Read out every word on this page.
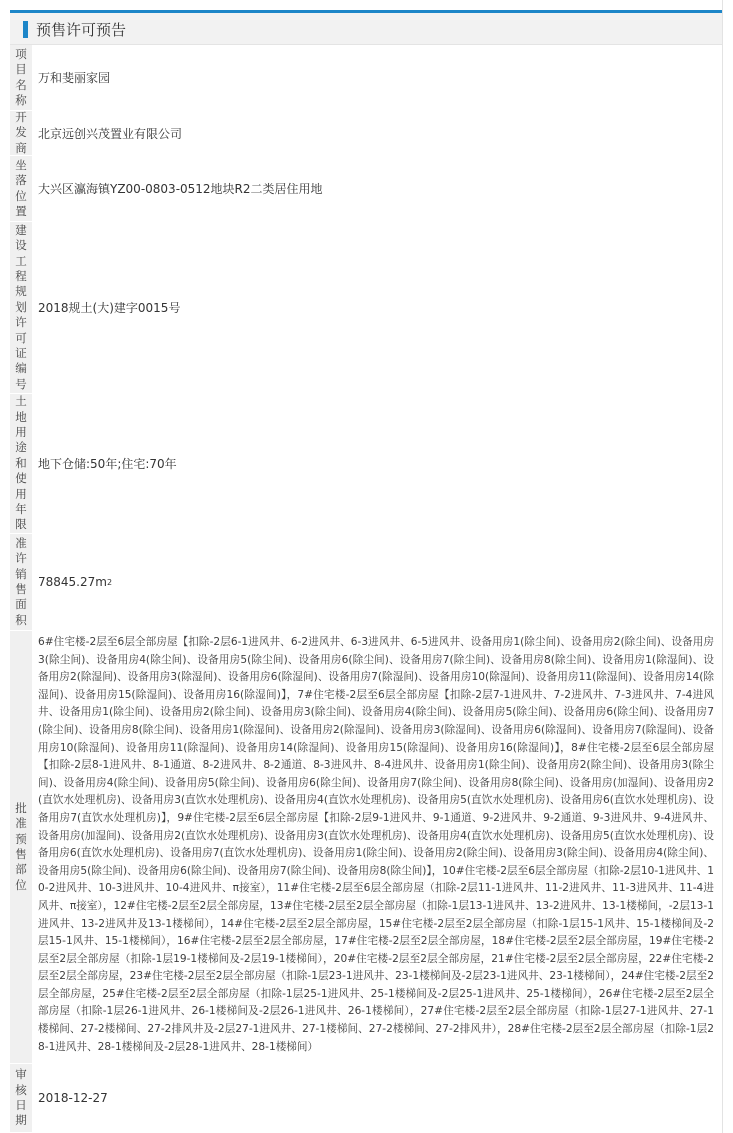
预售许可预告
项目名称
万和斐丽家园
开发商
北京远创兴茂置业有限公司
坐落位置
大兴区瀛海镇YZ00-0803-0512地块R2二类居住用地
建设工程规划许可证编号
2018规土(大)建字0015号
土地用途和使用年限
地下仓储:50年;住宅:70年
准许销售面积
78845.27m 2
批准预售部位
6#住宅楼-2层至6层全部房屋【扣除-2层6-1进风井、6-2进风井、6-3进风井、6-5进风井、设备用房1(除尘间)、设备用房2(除尘间)、设备用房3(除尘间)、设备用房4(除尘间)、设备用房5(除尘间)、设备用房6(除尘间)、设备用房7(除尘间)、设备用房8(除尘间)、设备用房1(除湿间)、设备用房2(除湿间)、设备用房3(除湿间)、设备用房6(除湿间)、设备用房7(除湿间)、设备用房10(除湿间)、设备用房11(除湿间)、设备用房14(除湿间)、设备用房15(除湿间)、设备用房16(除湿间)】，7#住宅楼-2层至6层全部房屋【扣除-2层7-1进风井、7-2进风井、7-3进风井、7-4进风井、设备用房1(除尘间)、设备用房2(除尘间)、设备用房3(除尘间)、设备用房4(除尘间)、设备用房5(除尘间)、设备用房6(除尘间)、设备用房7(除尘间)、设备用房8(除尘间)、设备用房1(除湿间)、设备用房2(除湿间)、设备用房3(除湿间)、设备用房6(除湿间)、设备用房7(除湿间)、设备用房10(除湿间)、设备用房11(除湿间)、设备用房14(除湿间)、设备用房15(除湿间)、设备用房16(除湿间)】，8#住宅楼-2层至6层全部房屋【扣除-2层8-1进风井、8-1通道、8-2进风井、8-2通道、8-3进风井、8-4进风井、设备用房1(除尘间)、设备用房2(除尘间)、设备用房3(除尘间)、设备用房4(除尘间)、设备用房5(除尘间)、设备用房6(除尘间)、设备用房7(除尘间)、设备用房8(除尘间)、设备用房(加湿间)、设备用房2(直饮水处理机房)、设备用房3(直饮水处理机房)、设备用房4(直饮水处理机房)、设备用房5(直饮水处理机房)、设备用房6(直饮水处理机房)、设备用房7(直饮水处理机房)】，9#住宅楼-2层至6层全部房屋【扣除-2层9-1进风井、9-1通道、9-2进风井、9-2通道、9-3进风井、9-4进风井、设备用房(加湿间)、设备用房2(直饮水处理机房)、设备用房3(直饮水处理机房)、设备用房4(直饮水处理机房)、设备用房5(直饮水处理机房)、设备用房6(直饮水处理机房)、设备用房7(直饮水处理机房)、设备用房1(除尘间)、设备用房2(除尘间)、设备用房3(除尘间)、设备用房4(除尘间)、设备用房5(除尘间)、设备用房6(除尘间)、设备用房7(除尘间)、设备用房8(除尘间)】，10#住宅楼-2层至6层全部房屋（扣除-2层10-1进风井、10-2进风井、10-3进风井、10-4进风井、π接室），11#住宅楼-2层至6层全部房屋（扣除-2层11-1进风井、11-2进风井、11-3进风井、11-4进风井、π接室），12#住宅楼-2层至2层全部房屋，13#住宅楼-2层至2层全部房屋（扣除-1层13-1进风井、13-2进风井、13-1楼梯间，-2层13-1进风井、13-2进风井及13-1楼梯间），14#住宅楼-2层至2层全部房屋，15#住宅楼-2层至2层全部房屋（扣除-1层15-1风井、15-1楼梯间及-2层15-1风井、15-1楼梯间），16#住宅楼-2层至2层全部房屋，17#住宅楼-2层至2层全部房屋，18#住宅楼-2层至2层全部房屋，19#住宅楼-2层至2层全部房屋（扣除-1层19-1楼梯间及-2层19-1楼梯间），20#住宅楼-2层至2层全部房屋，21#住宅楼-2层至2层全部房屋，22#住宅楼-2层至2层全部房屋，23#住宅楼-2层至2层全部房屋（扣除-1层23-1进风井、23-1楼梯间及-2层23-1进风井、23-1楼梯间），24#住宅楼-2层至2层全部房屋，25#住宅楼-2层至2层全部房屋（扣除-1层25-1进风井、25-1楼梯间及-2层25-1进风井、25-1楼梯间），26#住宅楼-2层至2层全部房屋（扣除-1层26-1进风井、26-1楼梯间及-2层26-1进风井、26-1楼梯间），27#住宅楼-2层至2层全部房屋（扣除-1层27-1进风井、27-1楼梯间、27-2楼梯间、27-2排风井及-2层27-1进风井、27-1楼梯间、27-2楼梯间、27-2排风井），28#住宅楼-2层至2层全部房屋（扣除-1层28-1进风井、28-1楼梯间及-2层28-1进风井、28-1楼梯间）
审核日期
2018-12-27
